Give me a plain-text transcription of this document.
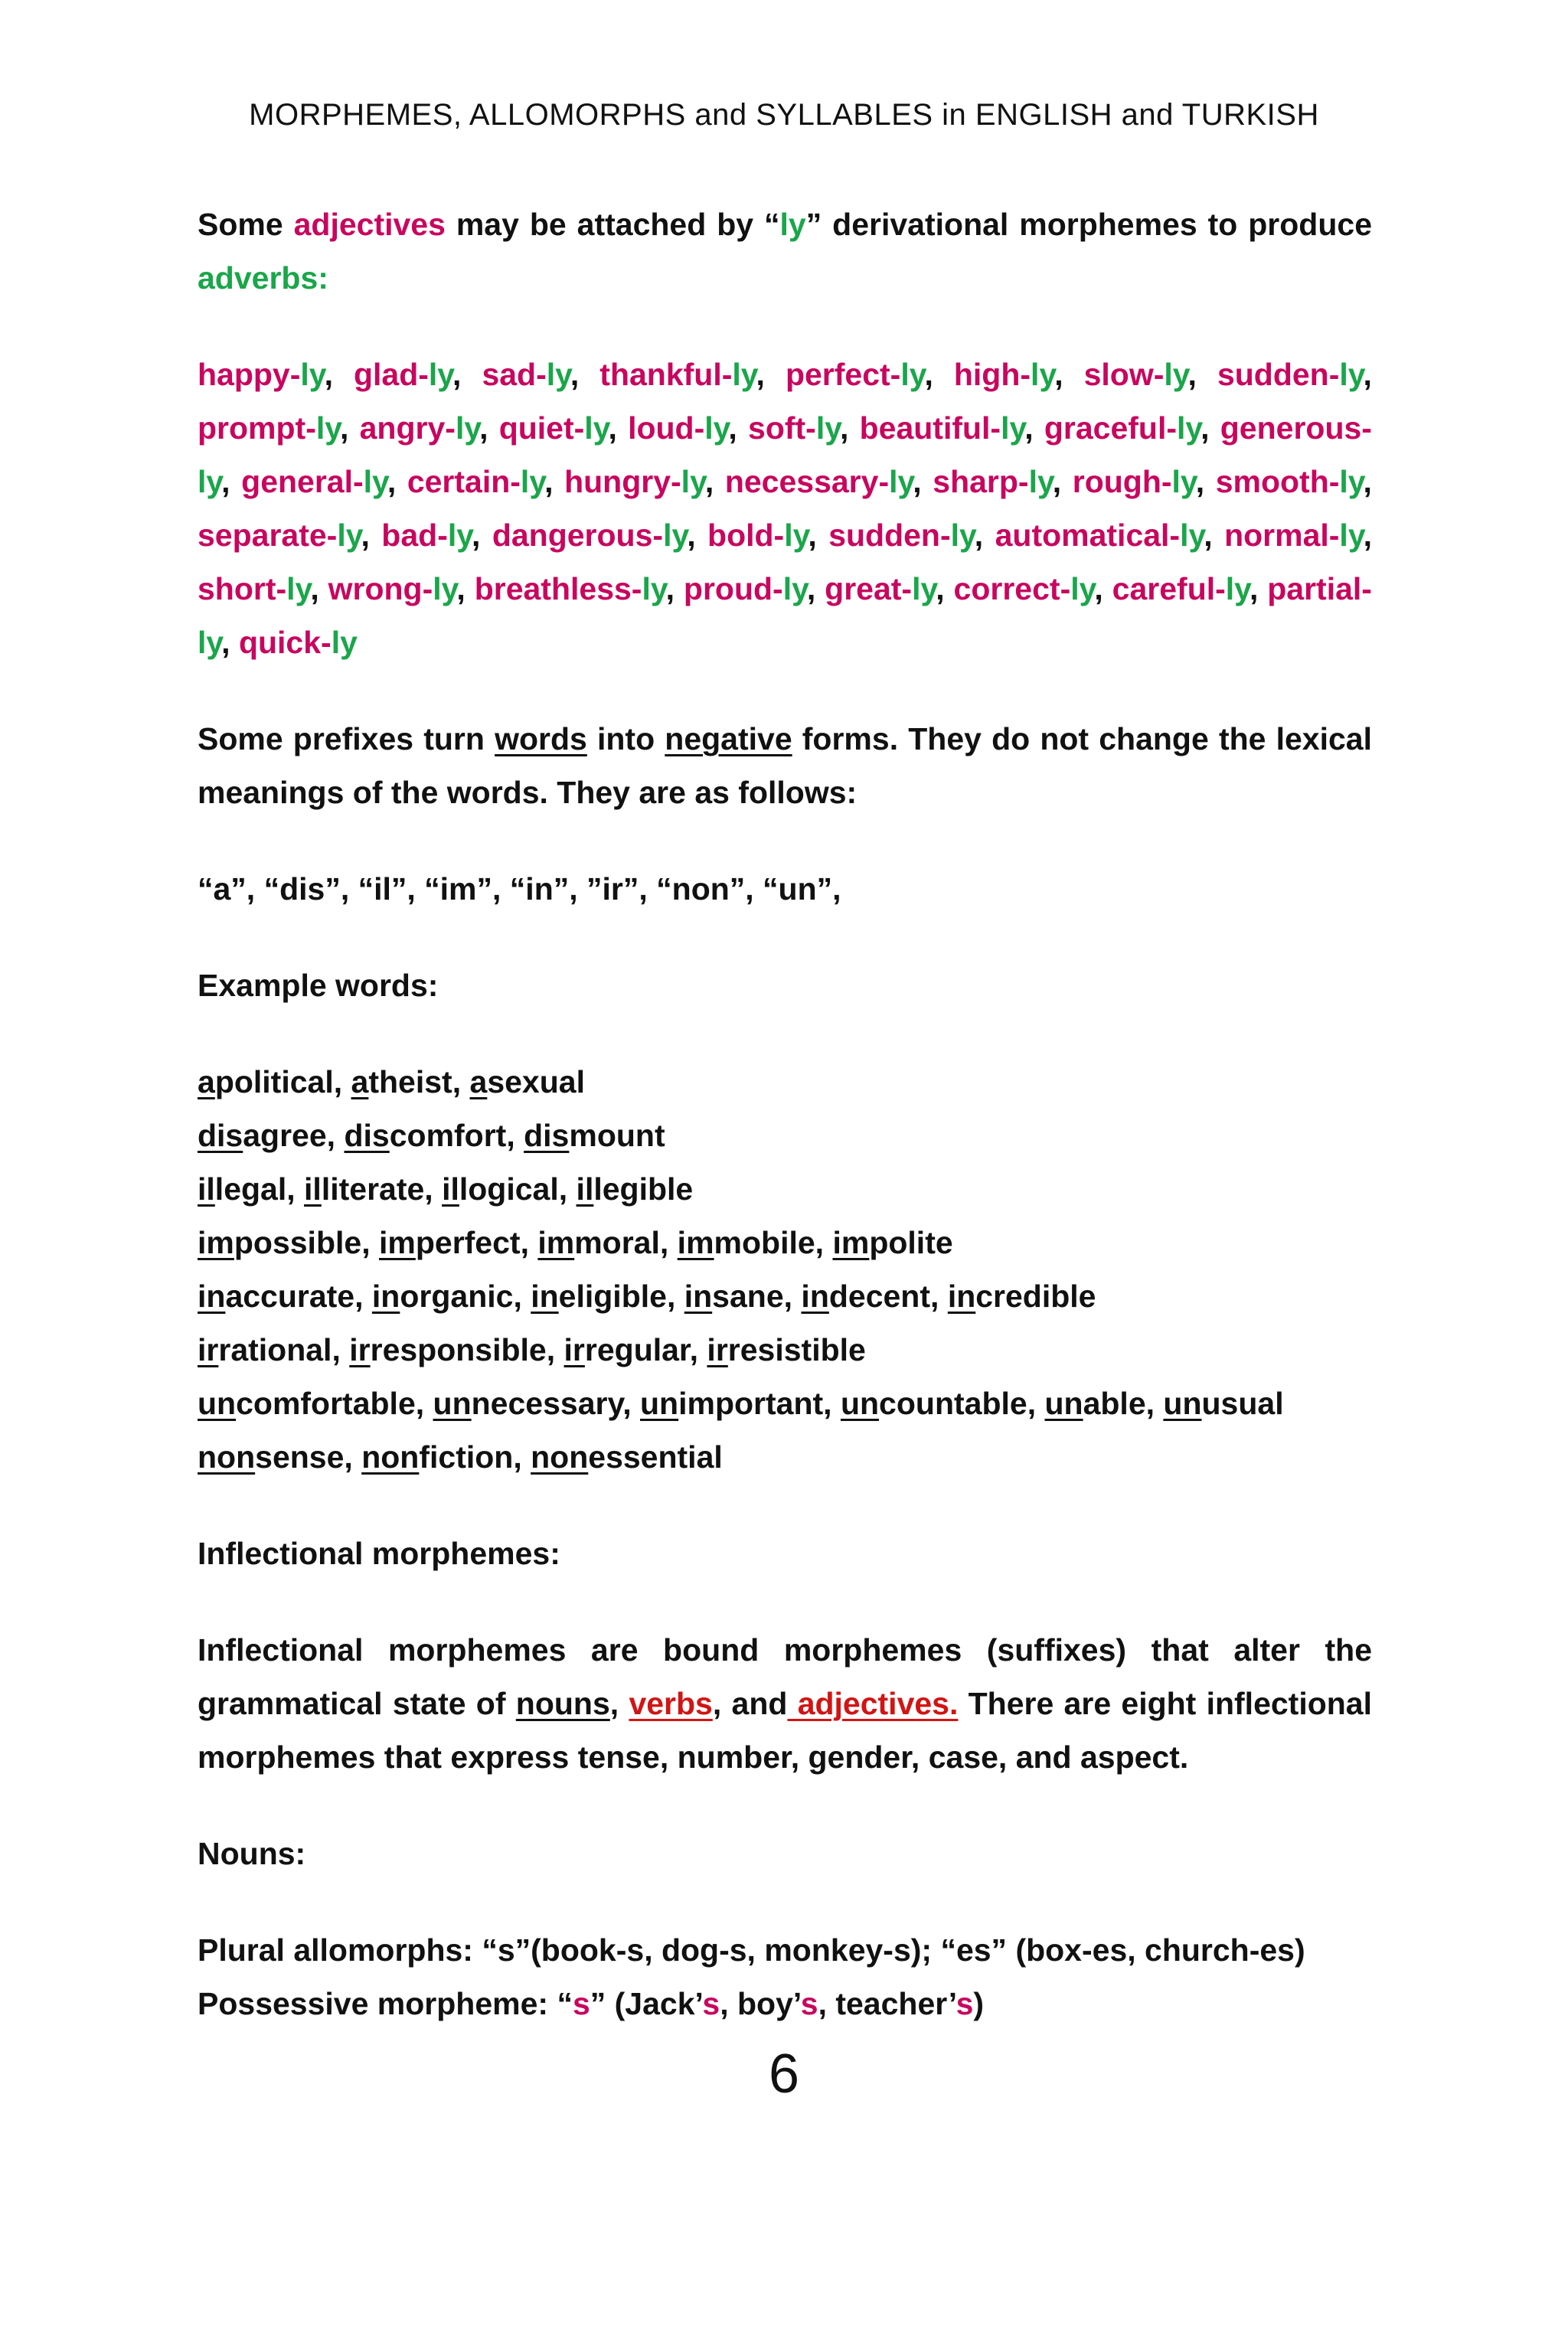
MORPHEMES, ALLOMORPHS and SYLLABLES in ENGLISH and TURKISH

Some adjectives may be attached by “ly” derivational morphemes to produce adverbs:

happy-ly, glad-ly, sad-ly, thankful-ly, perfect-ly, high-ly, slow-ly, sudden-ly, prompt-ly, angry-ly, quiet-ly, loud-ly, soft-ly, beautiful-ly, graceful-ly, generous-ly, general-ly, certain-ly, hungry-ly, necessary-ly, sharp-ly, rough-ly, smooth-ly, separate-ly, bad-ly, dangerous-ly, bold-ly, sudden-ly, automatical-ly, normal-ly, short-ly, wrong-ly, breathless-ly, proud-ly, great-ly, correct-ly, careful-ly, partial-ly, quick-ly

Some prefixes turn words into negative forms. They do not change the lexical meanings of the words. They are as follows:

“a”, “dis”, “il”, “im”, “in”, ”ir”, “non”, “un”,

Example words:

apolitical, atheist, asexual
disagree, discomfort, dismount
illegal, illiterate, illogical, illegible
impossible, imperfect, immoral, immobile, impolite
inaccurate, inorganic, ineligible, insane, indecent, incredible
irrational, irresponsible, irregular, irresistible
uncomfortable, unnecessary, unimportant, uncountable, unable, unusual
nonsense, nonfiction, nonessential

Inflectional morphemes:

Inflectional morphemes are bound morphemes (suffixes) that alter the grammatical state of nouns, verbs, and adjectives. There are eight inflectional morphemes that express tense, number, gender, case, and aspect.

Nouns:

Plural allomorphs: “s”(book-s, dog-s, monkey-s); “es” (box-es, church-es)
Possessive morpheme: “s” (Jack’s, boy’s, teacher’s)
6
